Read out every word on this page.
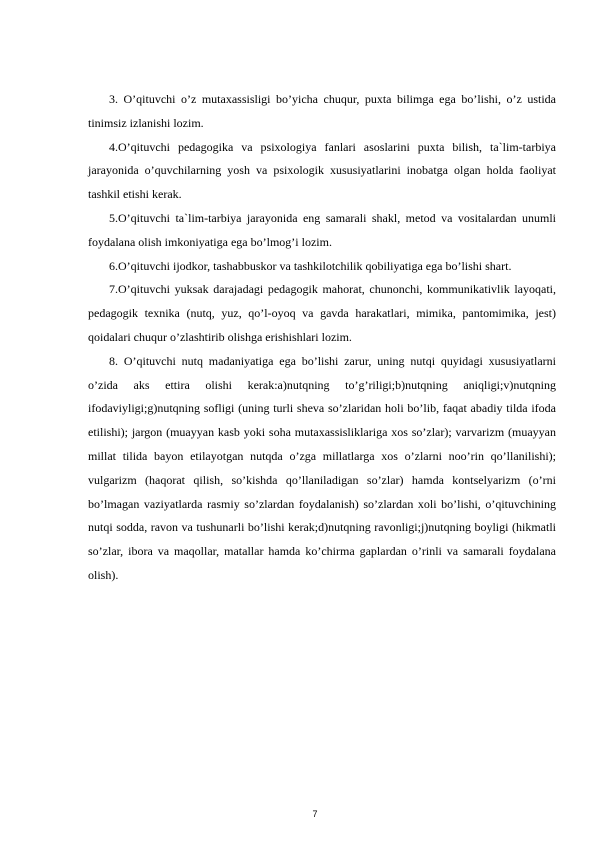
3. O’qituvchi o’z mutaxassisligi bo’yicha chuqur, puxta bilimga ega bo’lishi, o’z ustida tinimsiz izlanishi lozim.

4.O’qituvchi pedagogika va psixologiya fanlari asoslarini puxta bilish, ta`lim-tarbiya jarayonida o’quvchilarning yosh va psixologik xususiyatlarini inobatga olgan holda faoliyat tashkil etishi kerak.

5.O’qituvchi ta`lim-tarbiya jarayonida eng samarali shakl, metod va vositalardan unumli foydalana olish imkoniyatiga ega bo’lmog’i lozim.

6.O’qituvchi ijodkor, tashabbuskor va tashkilotchilik qobiliyatiga ega bo’lishi shart.

7.O’qituvchi yuksak darajadagi pedagogik mahorat, chunonchi, kommunikativlik layoqati, pedagogik texnika (nutq, yuz, qo’l-oyoq va gavda harakatlari, mimika, pantomimika, jest) qoidalari chuqur o’zlashtirib olishga erishishlari lozim.

8. O’qituvchi nutq madaniyatiga ega bo’lishi zarur, uning nutqi quyidagi xususiyatlarni o’zida aks ettira olishi kerak:a)nutqning to’g’riligi;b)nutqning aniqligi;v)nutqning ifodaviyligi;g)nutqning sofligi (uning turli sheva so’zlaridan holi bo’lib, faqat abadiy tilda ifoda etilishi); jargon (muayyan kasb yoki soha mutaxassisliklariga xos so’zlar); varvarizm (muayyan millat tilida bayon etilayotgan nutqda o’zga millatlarga xos o’zlarni noo’rin qo’llanilishi); vulgarizm (haqorat qilish, so’kishda qo’llaniladigan so’zlar) hamda kontselyarizm (o’rni bo’lmagan vaziyatlarda rasmiy so’zlardan foydalanish) so’zlardan xoli bo’lishi, o’qituvchining nutqi sodda, ravon va tushunarli bo’lishi kerak;d)nutqning ravonligi;j)nutqning boyligi (hikmatli so’zlar, ibora va maqollar, matallar hamda ko’chirma gaplardan o’rinli va samarali foydalana olish).

7
